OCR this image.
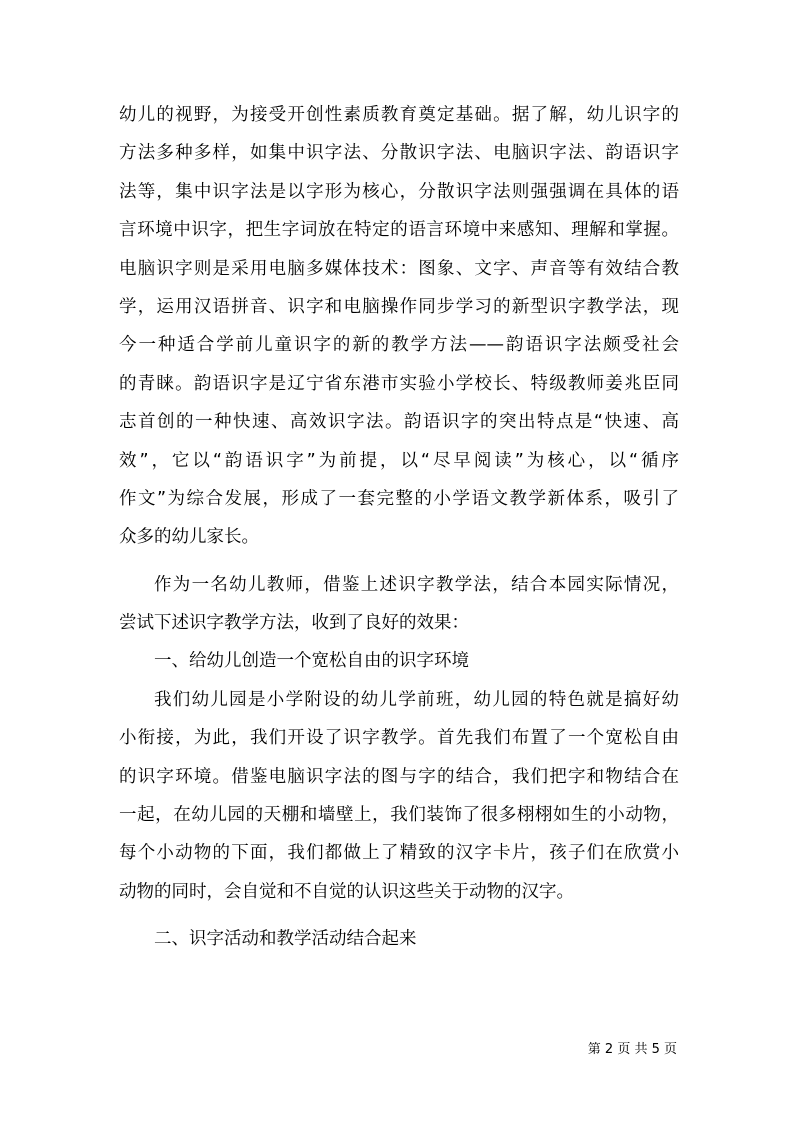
幼儿的视野，为接受开创性素质教育奠定基础。据了解，幼儿识字的
方法多种多样，如集中识字法、分散识字法、电脑识字法、韵语识字
法等，集中识字法是以字形为核心，分散识字法则强强调在具体的语
言环境中识字，把生字词放在特定的语言环境中来感知、理解和掌握。
电脑识字则是采用电脑多媒体技术：图象、文字、声音等有效结合教
学，运用汉语拼音、识字和电脑操作同步学习的新型识字教学法，现
今一种适合学前儿童识字的新的教学方法——韵语识字法颇受社会
的青睐。韵语识字是辽宁省东港市实验小学校长、特级教师姜兆臣同
志首创的一种快速、高效识字法。韵语识字的突出特点是“快速、高
效”，它以“韵语识字”为前提，以“尽早阅读”为核心，以“循序
作文”为综合发展，形成了一套完整的小学语文教学新体系，吸引了
众多的幼儿家长。
作为一名幼儿教师，借鉴上述识字教学法，结合本园实际情况，
尝试下述识字教学方法，收到了良好的效果：
一、给幼儿创造一个宽松自由的识字环境
我们幼儿园是小学附设的幼儿学前班，幼儿园的特色就是搞好幼
小衔接，为此，我们开设了识字教学。首先我们布置了一个宽松自由
的识字环境。借鉴电脑识字法的图与字的结合，我们把字和物结合在
一起，在幼儿园的天棚和墙壁上，我们装饰了很多栩栩如生的小动物，
每个小动物的下面，我们都做上了精致的汉字卡片，孩子们在欣赏小
动物的同时，会自觉和不自觉的认识这些关于动物的汉字。
二、识字活动和教学活动结合起来
第 2 页 共 5 页
